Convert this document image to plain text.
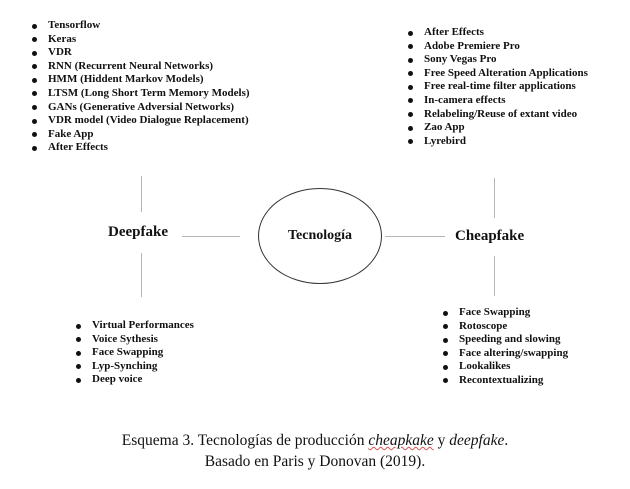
Tensorflow
Keras
VDR
RNN (Recurrent Neural Networks)
HMM (Hiddent Markov Models)
LTSM (Long Short Term Memory Models)
GANs (Generative Adversial Networks)
VDR model (Video Dialogue Replacement)
Fake App
After Effects
After Effects
Adobe Premiere Pro
Sony Vegas Pro
Free Speed Alteration Applications
Free real-time filter applications
In-camera effects
Relabeling/Reuse of extant video
Zao App
Lyrebird
Virtual Performances
Voice Sythesis
Face Swapping
Lyp-Synching
Deep voice
Face Swapping
Rotoscope
Speeding and slowing
Face altering/swapping
Lookalikes
Recontextualizing
Deepfake	Cheapfake
Tecnología
Esquema 3. Tecnologías de producción cheapkake y deepfake.
Basado en Paris y Donovan (2019).
